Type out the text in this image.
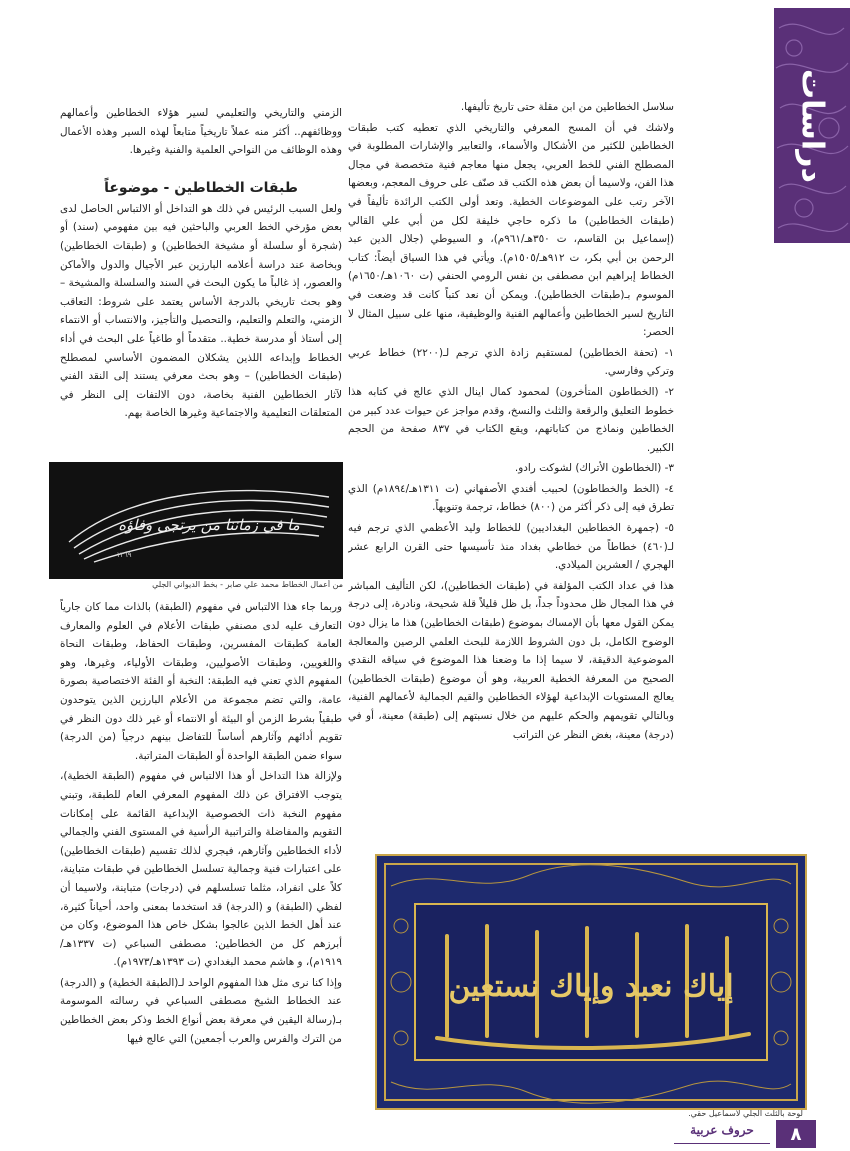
دراسات

سلاسل الخطاطين من ابن مقلة حتى تاريخ تأليفها.

ولاشك في أن المسح المعرفي والتاريخي الذي تعطيه كتب طبقات الخطاطين للكثير من الأشكال والأسماء، والتعابير والإشارات المطلوبة في المصطلح الفني للخط العربي، يجعل منها معاجم فنية متخصصة في مجال هذا الفن، ولاسيما أن بعض هذه الكتب قد صنّف على حروف المعجم، وبعضها الآخر رتب على الموضوعات الخطية. وتعد أولى الكتب الرائدة تأليفاً في (طبقات الخطاطين) ما ذكره حاجي خليفة لكل من أبي علي القالي (إسماعيل بن القاسم، ت ٣٥٠هـ/٩٦١م)، و السيوطي (جلال الدين عبد الرحمن بن أبي بكر، ت ٩١٢هـ/١٥٠٥م). ويأتي في هذا السياق أيضاً: كتاب الخطاط إبراهيم ابن مصطفى بن نفس الرومي الحنفي (ت ١٠٦٠هـ/١٦٥٠م) الموسوم بـ(طبقات الخطاطين). ويمكن أن نعد كتباً كانت قد وضعت في التاريخ لسير الخطاطين وأعمالهم الفنية والوظيفية، منها على سبيل المثال لا الحصر:

١- (تحفة الخطاطين) لمستقيم زادة الذي ترجم لـ(٢٢٠٠) خطاط عربي وتركي وفارسي.

٢- (الخطاطون المتأخرون) لمحمود كمال اينال الذي عالج في كتابه هذا خطوط التعليق والرقعة والثلث والنسخ، وقدم مواجز عن حيوات عدد كبير من الخطاطين ونماذج من كتاباتهم، ويقع الكتاب في ٨٣٧ صفحة من الحجم الكبير.

٣- (الخطاطون الأتراك) لشوكت رادو.

٤- (الخط والخطاطون) لحبيب أفندي الأصفهاني (ت ١٣١١هـ/١٨٩٤م) الذي تطرق فيه إلى ذكر أكثر من (٨٠٠) خطاط، ترجمة وتنويهاً.

٥- (جمهرة الخطاطين البغداديين) للخطاط وليد الأعظمي الذي ترجم فيه لـ(٤٦٠) خطاطاً من خطاطي بغداد منذ تأسيسها حتى القرن الرابع عشر الهجري / العشرين الميلادي.

هذا في عداد الكتب المؤلفة في (طبقات الخطاطين)، لكن التأليف المباشر في هذا المجال ظل محدوداً جداً، بل ظل قليلاً قلة شحيحة، ونادرة، إلى درجة يمكن القول معها بأن الإمساك بموضوع (طبقات الخطاطين) هذا ما يزال دون الوضوح الكامل، بل دون الشروط اللازمة للبحث العلمي الرصين والمعالجة الموضوعية الدقيقة، لا سيما إذا ما وضعنا هذا الموضوع في سياقه النقدي الصحيح من المعرفة الخطية العربية، وهو أن موضوع (طبقات الخطاطين) يعالج المستويات الإبداعية لهؤلاء الخطاطين والقيم الجمالية لأعمالهم الفنية، وبالتالي تقويمهم والحكم عليهم من خلال نسبتهم إلى (طبقة) معينة، أو في (درجة) معينة، بغض النظر عن التراتب

الزمني والتاريخي والتعليمي لسير هؤلاء الخطاطين وأعمالهم ووظائفهم.. أكثر منه عملاً تاريخياً متابعاً لهذه السير وهذه الأعمال وهذه الوظائف من النواحي العلمية والفنية وغيرها.

ولعل السبب الرئيس في ذلك هو التداخل أو الالتباس الحاصل لدى بعض مؤرخي الخط العربي والباحثين فيه بين مفهومي (سند) أو (شجرة أو سلسلة أو مشيخة الخطاطين) و (طبقات الخطاطين) وبخاصة عند دراسة أعلامه البارزين عبر الأجيال والدول والأماكن والعصور، إذ غالباً ما يكون البحث في السند والسلسلة والمشيخة – وهو بحث تاريخي بالدرجة الأساس يعتمد على شروط: التعاقب الزمني، والتعلم والتعليم، والتحصيل والتأجيز، والانتساب أو الانتماء إلى أستاذ أو مدرسة خطية.. متقدماً أو طاغياً على البحث في أداء الخطاط وإبداعه اللذين يشكلان المضمون الأساسي لمصطلح (طبقات الخطاطين) – وهو بحث معرفي يستند إلى النقد الفني لآثار الخطاطين الفنية بخاصة، دون الالتفات إلى النظر في المتعلقات التعليمية والاجتماعية وغيرها الخاصة بهم.

طبقات الخطاطين - موضوعاً
ما في زماننا من يرتجى وفاؤه
١٣٦٩
من أعمال الخطاط محمد علي صابر - بخط الديواني الجلي

وربما جاء هذا الالتباس في مفهوم (الطبقة) بالذات مما كان جارياً التعارف عليه لدى مصنفي طبقات الأعلام في العلوم والمعارف العامة كطبقات المفسرين، وطبقات الحفاظ، وطبقات النحاة واللغويين، وطبقات الأصوليين، وطبقات الأولياء، وغيرها، وهو المفهوم الذي تعني فيه الطبقة: النخبة أو الفئة الاختصاصية بصورة عامة، والتي تضم مجموعة من الأعلام البارزين الذين يتوحدون طبقياً بشرط الزمن أو البيئة أو الانتماء أو غير ذلك دون النظر في تقويم أدائهم وآثارهم أساساً للتفاضل بينهم درجياً (من الدرجة) سواء ضمن الطبقة الواحدة أو الطبقات المتراتبة.

ولإزالة هذا التداخل أو هذا الالتباس في مفهوم (الطبقة الخطية)، يتوجب الافتراق عن ذلك المفهوم المعرفي العام للطبقة، وتبني مفهوم النخبة ذات الخصوصية الإبداعية القائمة على إمكانات التقويم والمفاضلة والتراتبية الرأسية في المستوى الفني والجمالي لأداء الخطاطين وآثارهم، فيجري لذلك تقسيم (طبقات الخطاطين) على اعتبارات فنية وجمالية تسلسل الخطاطين في طبقات متباينة، كلاً على انفراد، مثلما تسلسلهم في (درجات) متباينة، ولاسيما أن لفظي (الطبقة) و (الدرجة) قد استخدما بمعنى واحد، أحياناً كثيرة، عند أهل الخط الذين عالجوا بشكل خاص هذا الموضوع، وكان من أبرزهم كل من الخطاطين: مصطفى السباعي (ت ١٣٣٧هـ/١٩١٩م)، و هاشم محمد البغدادي (ت ١٣٩٣هـ/١٩٧٣م).

وإذا كنا نرى مثل هذا المفهوم الواحد لـ(الطبقة الخطية) و (الدرجة) عند الخطاط الشيخ مصطفى السباعي في رسالته الموسومة بـ(رسالة اليقين في معرفة بعض أنواع الخط وذكر بعض الخطاطين من الترك والفرس والعرب أجمعين) التي عالج فيها

إياك نعبد وإياك نستعين
لوحة بالثلث الجلي لاسماعيل حقي.
حروف عربية	٨
